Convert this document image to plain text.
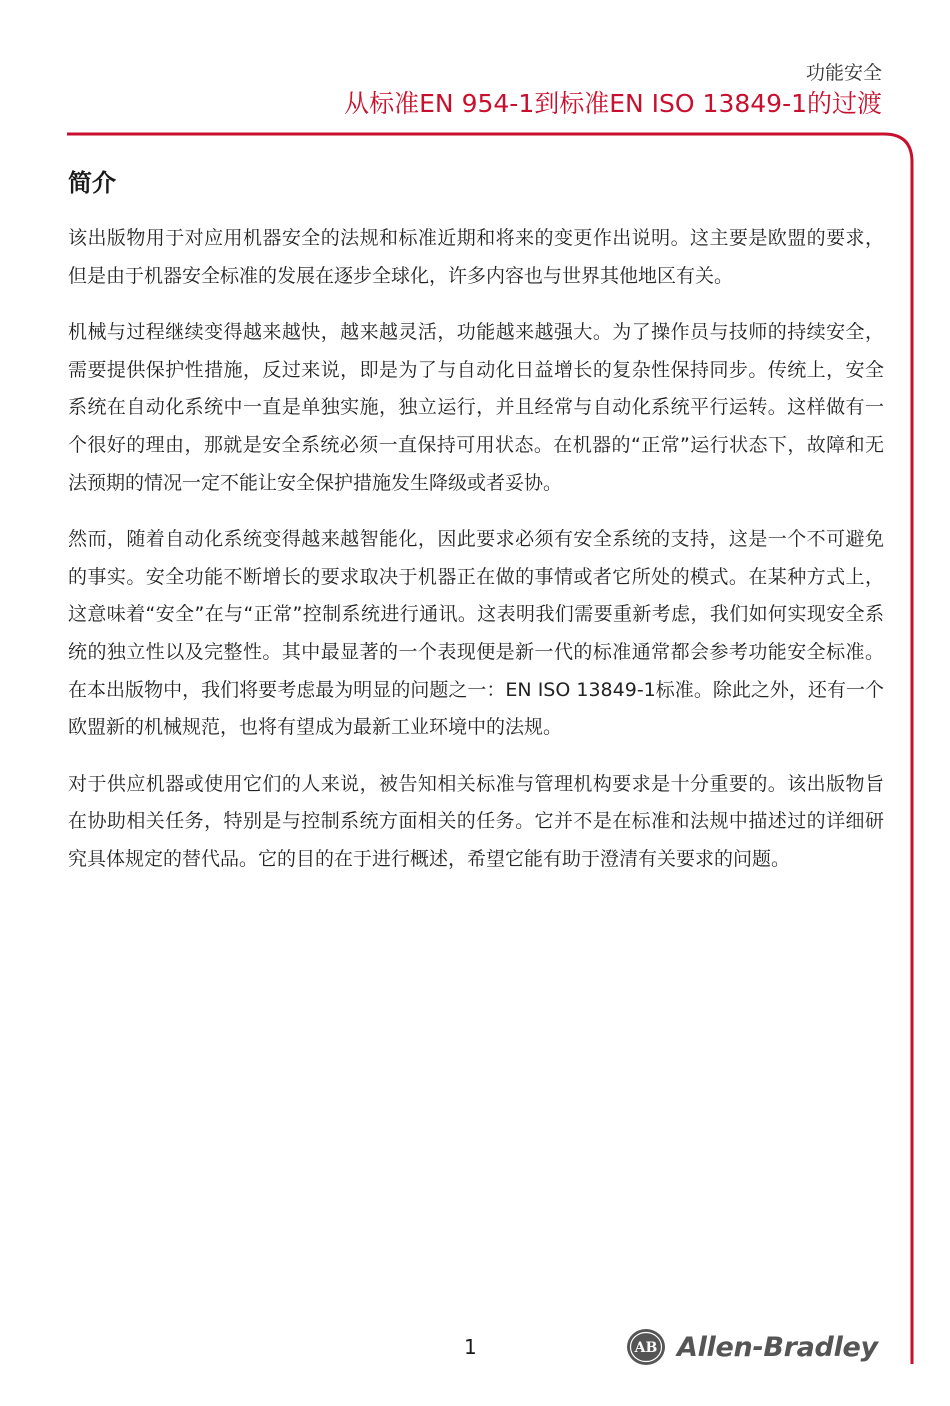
功能安全
从标准EN 954-1到标准EN ISO 13849-1的过渡
简介

该出版物用于对应用机器安全的法规和标准近期和将来的变更作出说明。这主要是欧盟的要求，但是由于机器安全标准的发展在逐步全球化，许多内容也与世界其他地区有关。

机械与过程继续变得越来越快，越来越灵活，功能越来越强大。为了操作员与技师的持续安全，需要提供保护性措施，反过来说，即是为了与自动化日益增长的复杂性保持同步。传统上，安全系统在自动化系统中一直是单独实施，独立运行，并且经常与自动化系统平行运转。这样做有一个很好的理由，那就是安全系统必须一直保持可用状态。在机器的“正常”运行状态下，故障和无法预期的情况一定不能让安全保护措施发生降级或者妥协。

然而，随着自动化系统变得越来越智能化，因此要求必须有安全系统的支持，这是一个不可避免的事实。安全功能不断增长的要求取决于机器正在做的事情或者它所处的模式。在某种方式上，这意味着“安全”在与“正常”控制系统进行通讯。这表明我们需要重新考虑，我们如何实现安全系统的独立性以及完整性。其中最显著的一个表现便是新一代的标准通常都会参考功能安全标准。在本出版物中，我们将要考虑最为明显的问题之一：EN ISO 13849-1标准。除此之外，还有一个欧盟新的机械规范，也将有望成为最新工业环境中的法规。

对于供应机器或使用它们的人来说，被告知相关标准与管理机构要求是十分重要的。该出版物旨在协助相关任务，特别是与控制系统方面相关的任务。它并不是在标准和法规中描述过的详细研究具体规定的替代品。它的目的在于进行概述，希望它能有助于澄清有关要求的问题。

1	AB Allen-Bradley
